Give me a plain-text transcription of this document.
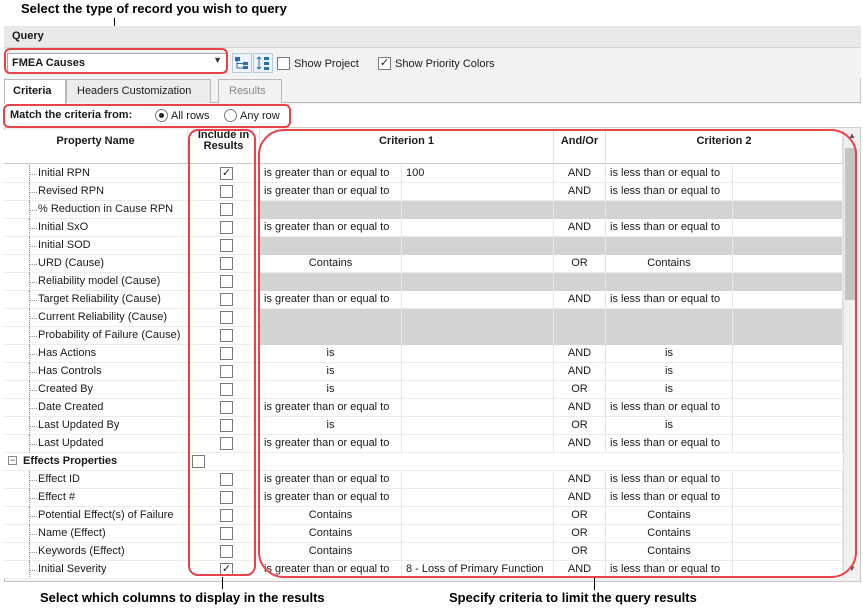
Select the type of record you wish to query
Query
FMEA Causes	▼	Show Project ✓ Show Priority Colors
Criteria	Headers Customization	Results
Match the criteria from:	All rows	Any row
Property Name	Include in Results	Criterion 1	And/Or	Criterion 2
Initial RPN	✓	is greater than or equal to	100	AND	is less than or equal to
Revised RPN	is greater than or equal to	AND	is less than or equal to
% Reduction in Cause RPN
Initial SxO	is greater than or equal to	AND	is less than or equal to
Initial SOD
URD (Cause)	Contains	OR	Contains
Reliability model (Cause)
Target Reliability (Cause)	is greater than or equal to	AND	is less than or equal to
Current Reliability (Cause)
Probability of Failure (Cause)
Has Actions	is	AND	is
Has Controls	is	AND	is
Created By	is	OR	is
Date Created	is greater than or equal to	AND	is less than or equal to
Last Updated By	is	OR	is
Last Updated	is greater than or equal to	AND	is less than or equal to
− Effects Properties
Effect ID	is greater than or equal to	AND	is less than or equal to
Effect #	is greater than or equal to	AND	is less than or equal to
Potential Effect(s) of Failure	Contains	OR	Contains
Name (Effect)	Contains	OR	Contains
Keywords (Effect)	Contains	OR	Contains
Initial Severity	✓	is greater than or equal to	8 - Loss of Primary Function	AND	is less than or equal to
▲
▼
Select which columns to display in the results	Specify criteria to limit the query results
